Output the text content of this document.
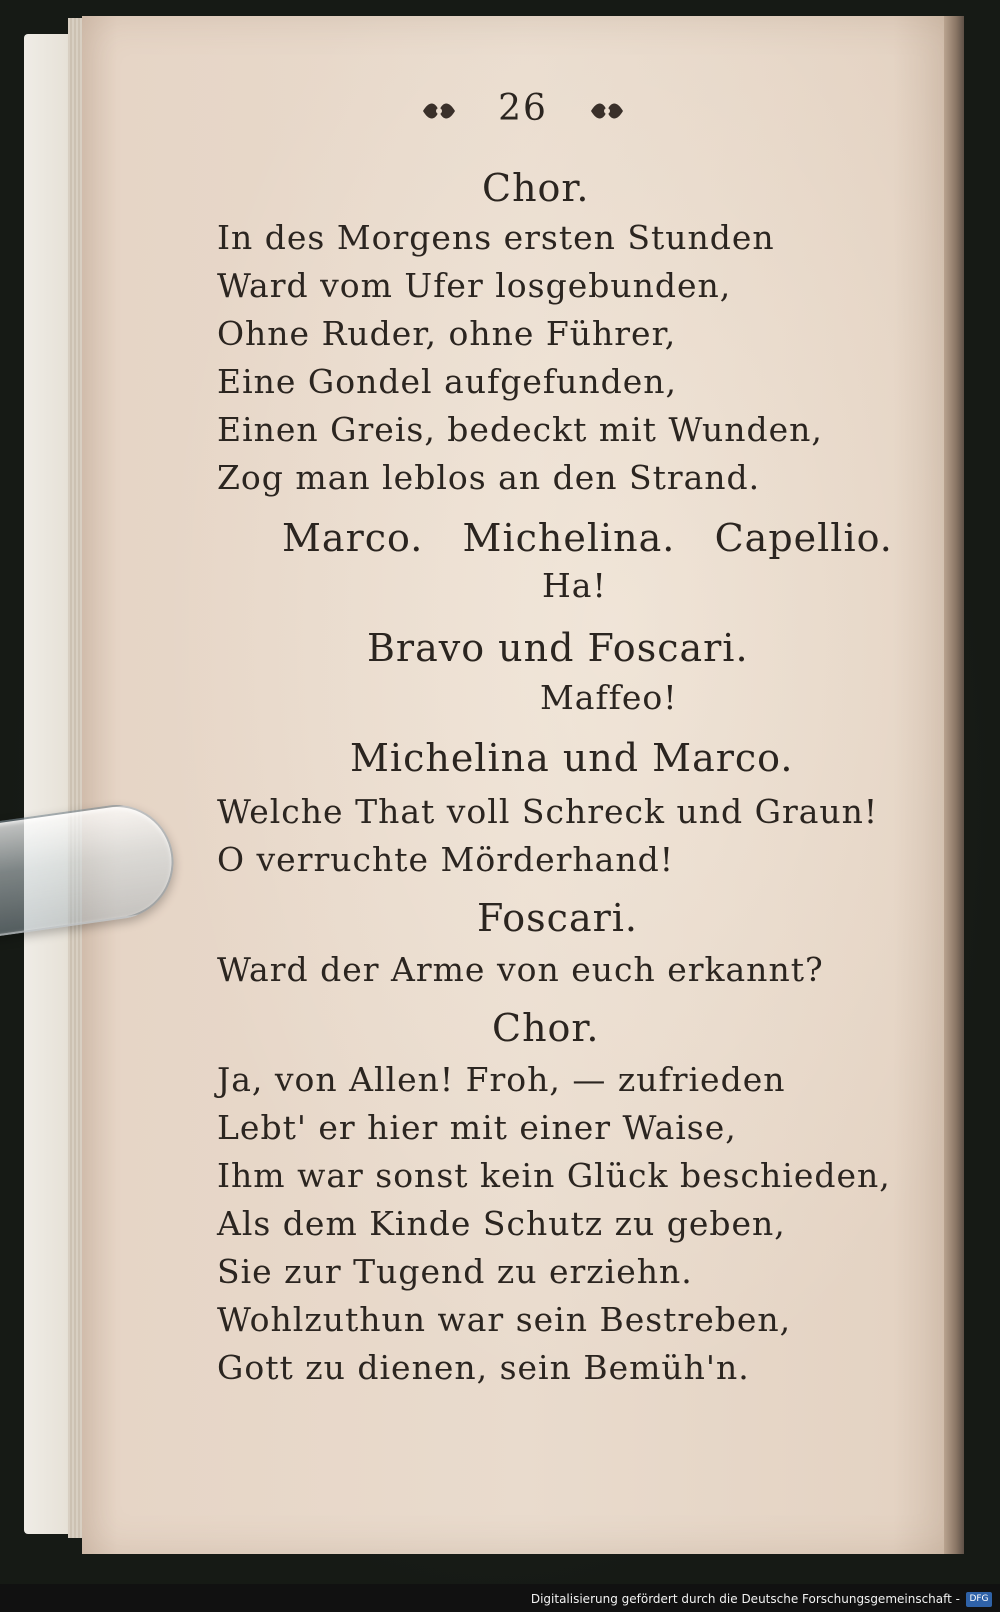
26
Chor.
In des Morgens ersten Stunden
Ward vom Ufer losgebunden,
Ohne Ruder, ohne Führer,
Eine Gondel aufgefunden,
Einen Greis, bedeckt mit Wunden,
Zog man leblos an den Strand.
Marco.   Michelina.   Capellio.
Ha!
Bravo und Foscari.
Maffeo!
Michelina und Marco.
Welche That voll Schreck und Graun!
O verruchte Mörderhand!
Foscari.
Ward der Arme von euch erkannt?
Chor.
Ja, von Allen! Froh, — zufrieden
Lebt' er hier mit einer Waise,
Ihm war sonst kein Glück beschieden,
Als dem Kinde Schutz zu geben,
Sie zur Tugend zu erziehn.
Wohlzuthun war sein Bestreben,
Gott zu dienen, sein Bemüh'n.
Digitalisierung gefördert durch die Deutsche Forschungsgemeinschaft -	DFG
